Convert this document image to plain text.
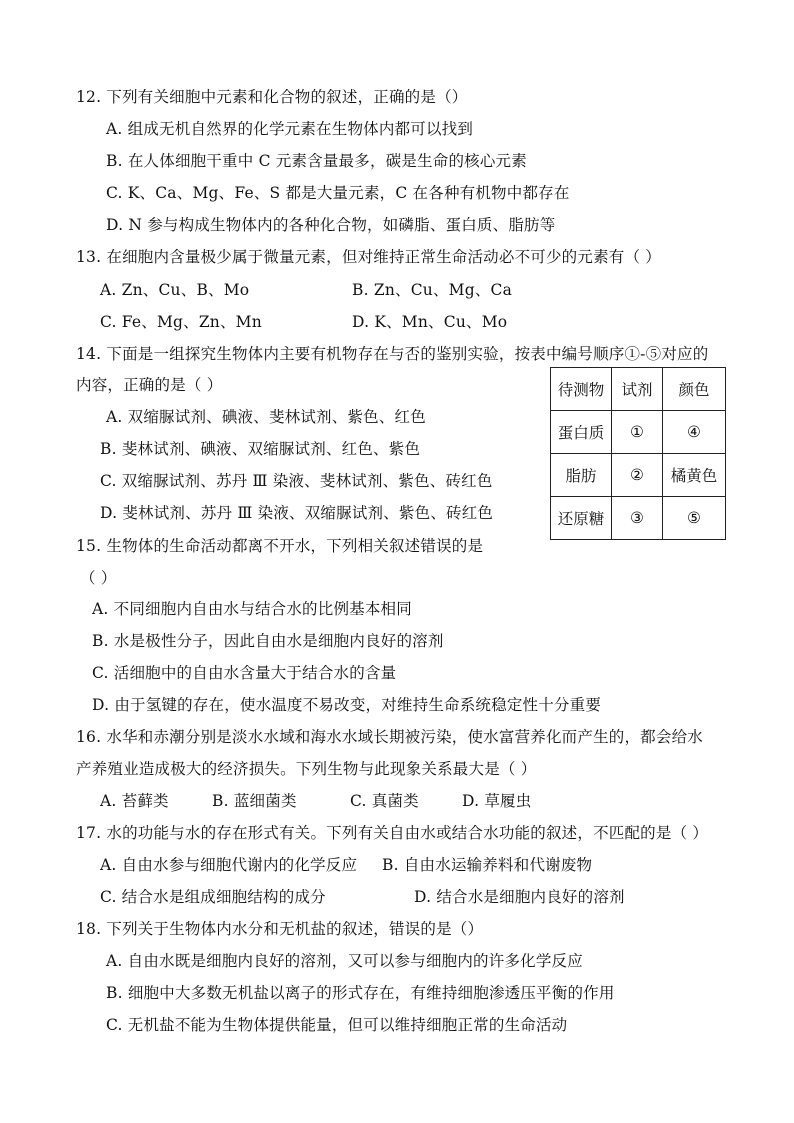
12. 下列有关细胞中元素和化合物的叙述，正确的是（）
A. 组成无机自然界的化学元素在生物体内都可以找到
B. 在人体细胞干重中 C 元素含量最多，碳是生命的核心元素
C. K、Ca、Mg、Fe、S 都是大量元素，C 在各种有机物中都存在
D. N 参与构成生物体内的各种化合物，如磷脂、蛋白质、脂肪等
13. 在细胞内含量极少属于微量元素，但对维持正常生命活动必不可少的元素有（ ）
A. Zn、Cu、B、Mo	B. Zn、Cu、Mg、Ca
C. Fe、Mg、Zn、Mn	D. K、Mn、Cu、Mo
14. 下面是一组探究生物体内主要有机物存在与否的鉴别实验，按表中编号顺序①-⑤对应的
内容，正确的是（ ）
A. 双缩脲试剂、碘液、斐林试剂、紫色、红色
B. 斐林试剂、碘液、双缩脲试剂、红色、紫色
C. 双缩脲试剂、苏丹 Ⅲ 染液、斐林试剂、紫色、砖红色
D. 斐林试剂、苏丹 Ⅲ 染液、双缩脲试剂、紫色、砖红色
待测物	试剂	颜色
蛋白质	①	④
脂肪	②	橘黄色
还原糖	③	⑤
15. 生物体的生命活动都离不开水，下列相关叙述错误的是
（ ）
A. 不同细胞内自由水与结合水的比例基本相同
B. 水是极性分子，因此自由水是细胞内良好的溶剂
C. 活细胞中的自由水含量大于结合水的含量
D. 由于氢键的存在，使水温度不易改变，对维持生命系统稳定性十分重要
16. 水华和赤潮分别是淡水水域和海水水域长期被污染，使水富营养化而产生的，都会给水
产养殖业造成极大的经济损失。下列生物与此现象关系最大是（ ）
A. 苔藓类	B. 蓝细菌类	C. 真菌类	D. 草履虫
17. 水的功能与水的存在形式有关。下列有关自由水或结合水功能的叙述，不匹配的是（ ）
A. 自由水参与细胞代谢内的化学反应 B. 自由水运输养料和代谢废物
C. 结合水是组成细胞结构的成分	D. 结合水是细胞内良好的溶剂
18. 下列关于生物体内水分和无机盐的叙述，错误的是（）
A. 自由水既是细胞内良好的溶剂，又可以参与细胞内的许多化学反应
B. 细胞中大多数无机盐以离子的形式存在，有维持细胞渗透压平衡的作用
C. 无机盐不能为生物体提供能量，但可以维持细胞正常的生命活动
